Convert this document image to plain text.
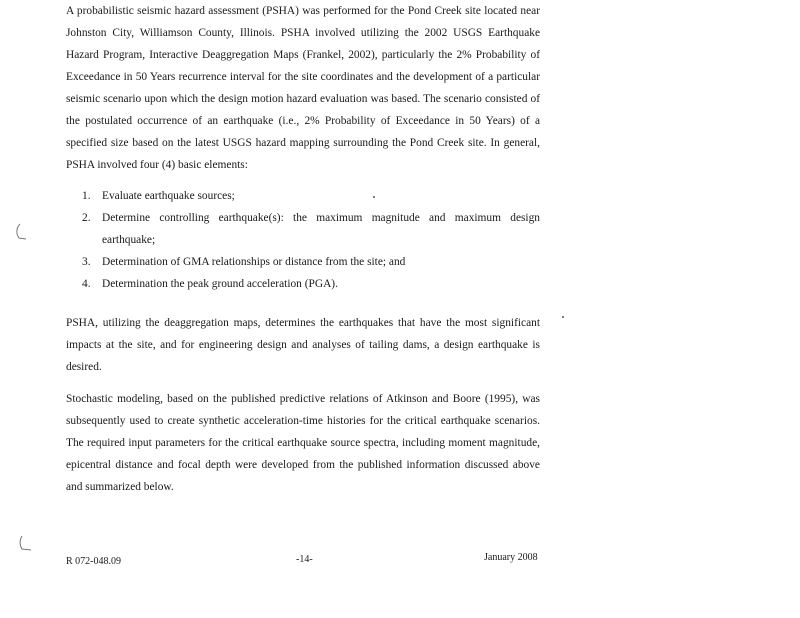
A probabilistic seismic hazard assessment (PSHA) was performed for the Pond Creek site located near Johnston City, Williamson County, Illinois. PSHA involved utilizing the 2002 USGS Earthquake Hazard Program, Interactive Deaggregation Maps (Frankel, 2002), particularly the 2% Probability of Exceedance in 50 Years recurrence interval for the site coordinates and the development of a particular seismic scenario upon which the design motion hazard evaluation was based. The scenario consisted of the postulated occurrence of an earthquake (i.e., 2% Probability of Exceedance in 50 Years) of a specified size based on the latest USGS hazard mapping surrounding the Pond Creek site. In general, PSHA involved four (4) basic elements:

1. Evaluate earthquake sources;
2. Determine controlling earthquake(s): the maximum magnitude and maximum design earthquake;
3. Determination of GMA relationships or distance from the site; and
4. Determination the peak ground acceleration (PGA).

PSHA, utilizing the deaggregation maps, determines the earthquakes that have the most significant impacts at the site, and for engineering design and analyses of tailing dams, a design earthquake is desired.

Stochastic modeling, based on the published predictive relations of Atkinson and Boore (1995), was subsequently used to create synthetic acceleration-time histories for the critical earthquake scenarios. The required input parameters for the critical earthquake source spectra, including moment magnitude, epicentral distance and focal depth were developed from the published information discussed above and summarized below.

R 072-048.09	-14-	January 2008
